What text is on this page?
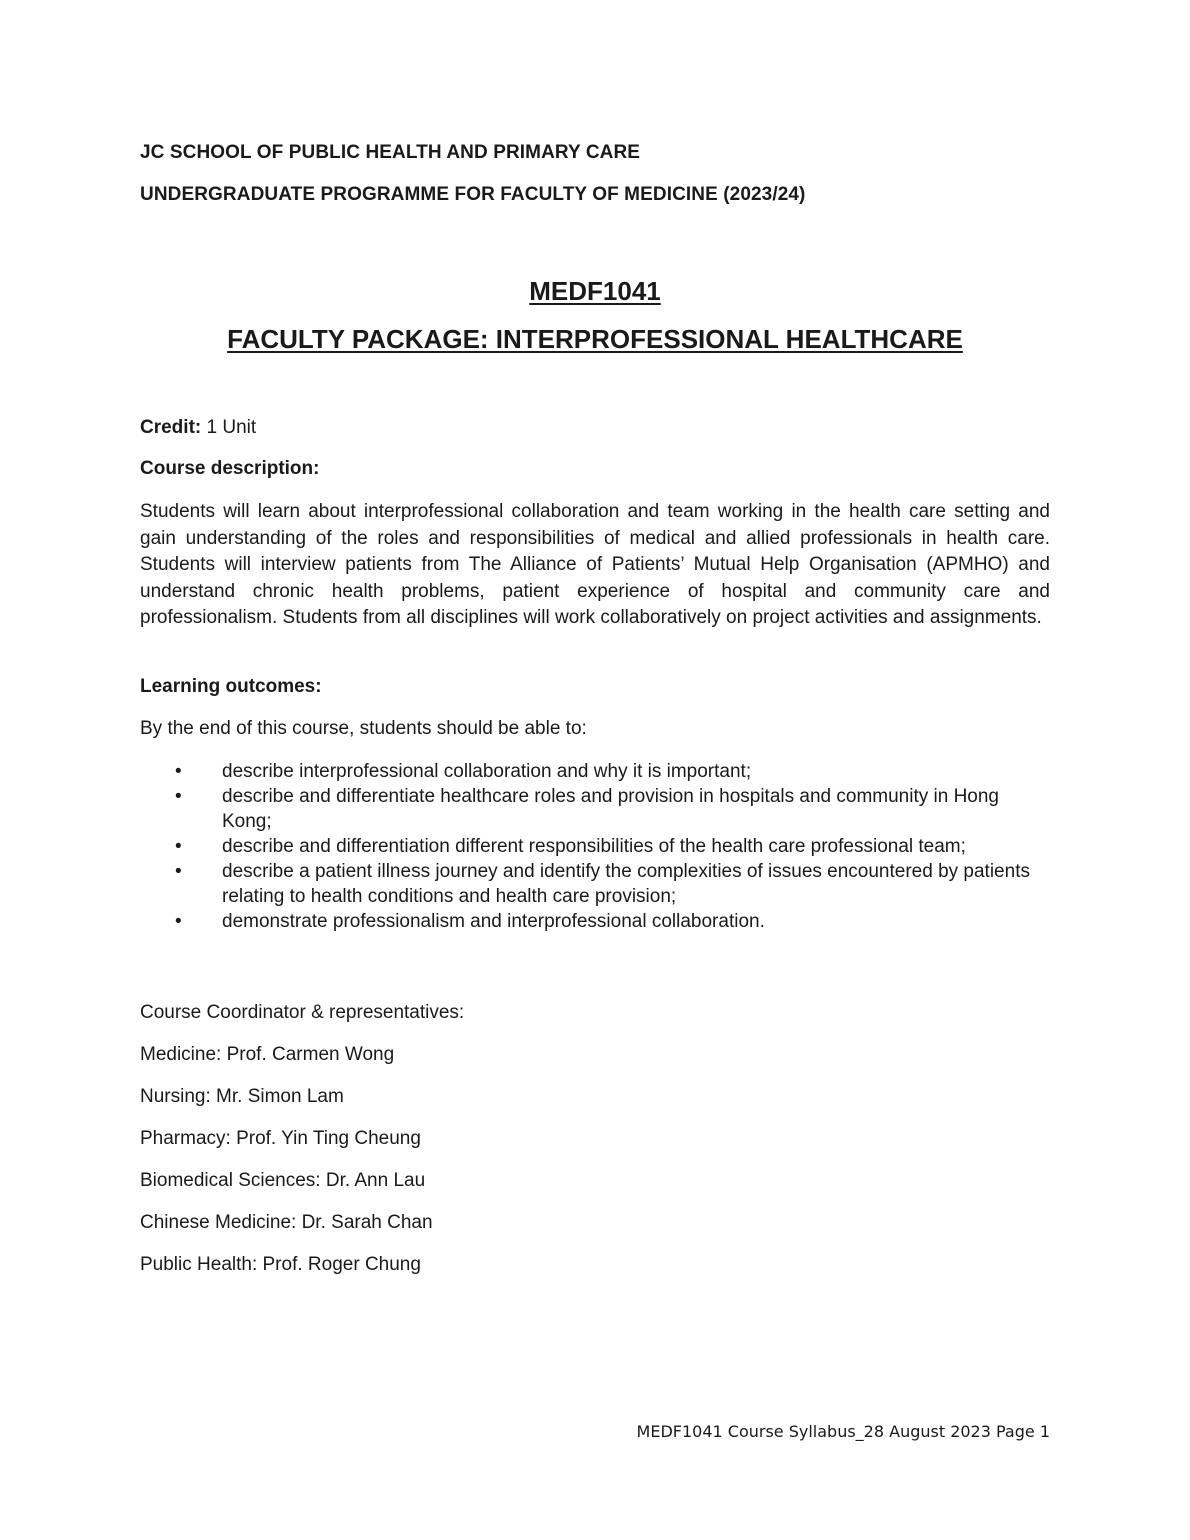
JC SCHOOL OF PUBLIC HEALTH AND PRIMARY CARE
UNDERGRADUATE PROGRAMME FOR FACULTY OF MEDICINE (2023/24)
MEDF1041
FACULTY PACKAGE: INTERPROFESSIONAL HEALTHCARE
Credit: 1 Unit
Course description:
Students will learn about interprofessional collaboration and team working in the health care setting and gain understanding of the roles and responsibilities of medical and allied professionals in health care. Students will interview patients from The Alliance of Patients’ Mutual Help Organisation (APMHO) and understand chronic health problems, patient experience of hospital and community care and professionalism. Students from all disciplines will work collaboratively on project activities and assignments.
Learning outcomes:
By the end of this course, students should be able to:
• describe interprofessional collaboration and why it is important;
• describe and differentiate healthcare roles and provision in hospitals and community in Hong Kong;
• describe and differentiation different responsibilities of the health care professional team;
• describe a patient illness journey and identify the complexities of issues encountered by patients relating to health conditions and health care provision;
• demonstrate professionalism and interprofessional collaboration.
Course Coordinator & representatives:
Medicine: Prof. Carmen Wong
Nursing: Mr. Simon Lam
Pharmacy: Prof. Yin Ting Cheung
Biomedical Sciences: Dr. Ann Lau
Chinese Medicine: Dr. Sarah Chan
Public Health: Prof. Roger Chung
MEDF1041 Course Syllabus_28 August 2023 Page 1
